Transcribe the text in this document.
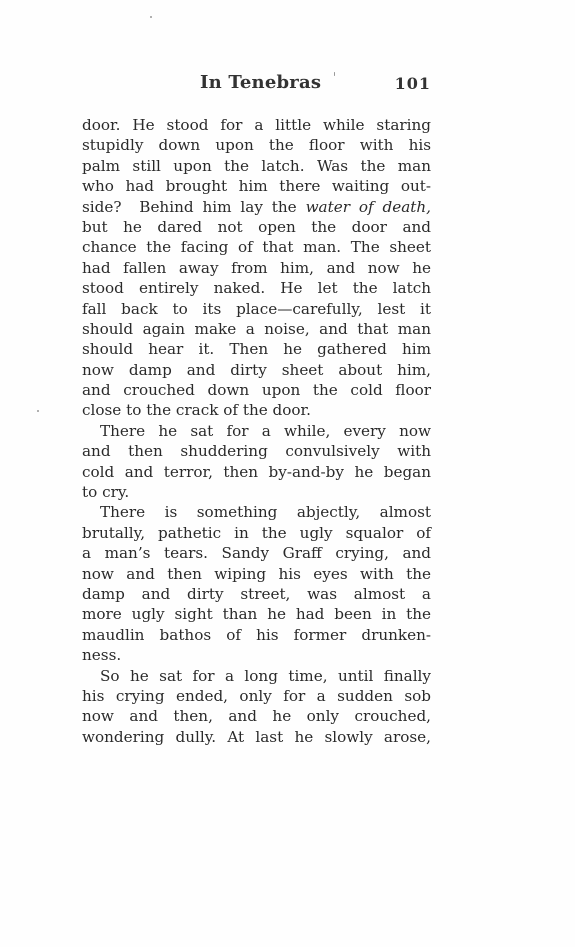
In Tenebras	101
door. He stood for a little while staring
stupidly down upon the floor with his
palm still upon the latch. Was the man
who had brought him there waiting out-
side?  Behind him lay the water of death,
but he dared not open the door and
chance the facing of that man. The sheet
had fallen away from him, and now he
stood entirely naked. He let the latch
fall back to its place—carefully, lest it
should again make a noise, and that man
should hear it. Then he gathered him
now damp and dirty sheet about him,
and crouched down upon the cold floor
close to the crack of the door.
There he sat for a while, every now
and then shuddering convulsively with
cold and terror, then by-and-by he began
to cry.
There is something abjectly, almost
brutally, pathetic in the ugly squalor of
a man’s tears. Sandy Graff crying, and
now and then wiping his eyes with the
damp and dirty street, was almost a
more ugly sight than he had been in the
maudlin bathos of his former drunken-
ness.
So he sat for a long time, until finally
his crying ended, only for a sudden sob
now and then, and he only crouched,
wondering dully. At last he slowly arose,
